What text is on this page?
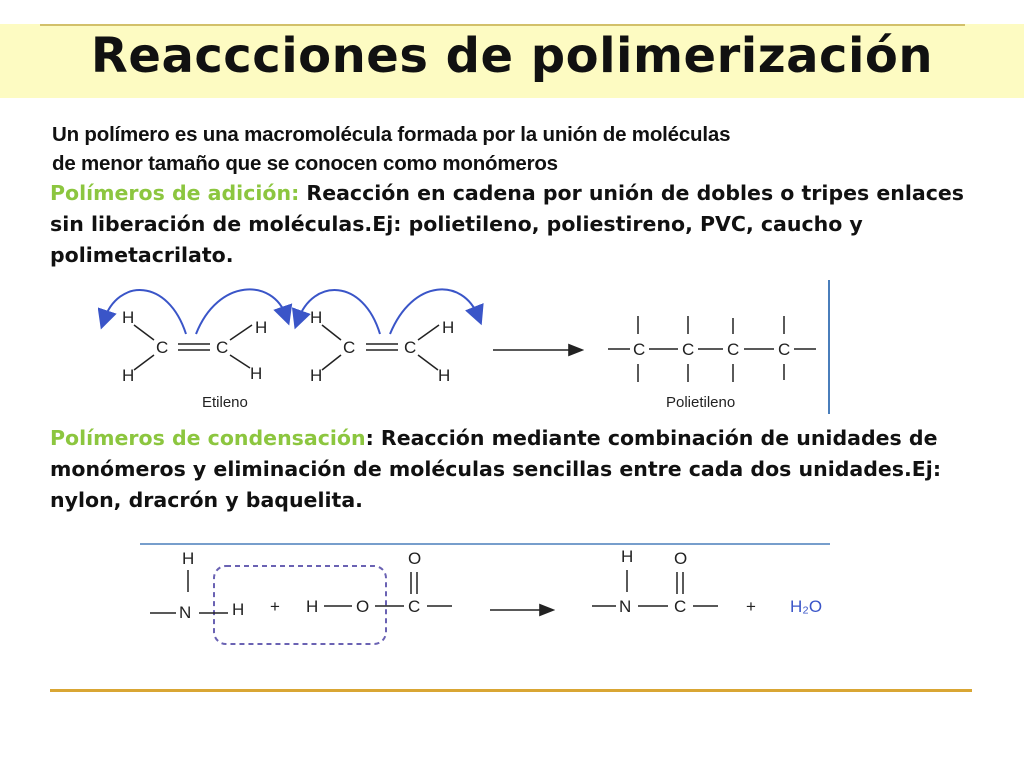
Reaccciones de polimerización
Un polímero es una macromolécula formada por la unión de moléculas
de menor tamaño que se conocen como monómeros
Polímeros de adición: Reacción en cadena por unión de dobles o tripes enlaces sin liberación de moléculas.Ej: polietileno, poliestireno, PVC, caucho y polimetacrilato.
H
H
C	C
H
H
H
H
C	C
H
H
Etileno
C C C C
Polietileno
Polímeros de condensación: Reacción mediante combinación de unidades de monómeros y eliminación de moléculas sencillas entre cada dos unidades.Ej: nylon, dracrón y baquelita.
H
N H + H O
O
C
H
N
O
C	+ H₂O
